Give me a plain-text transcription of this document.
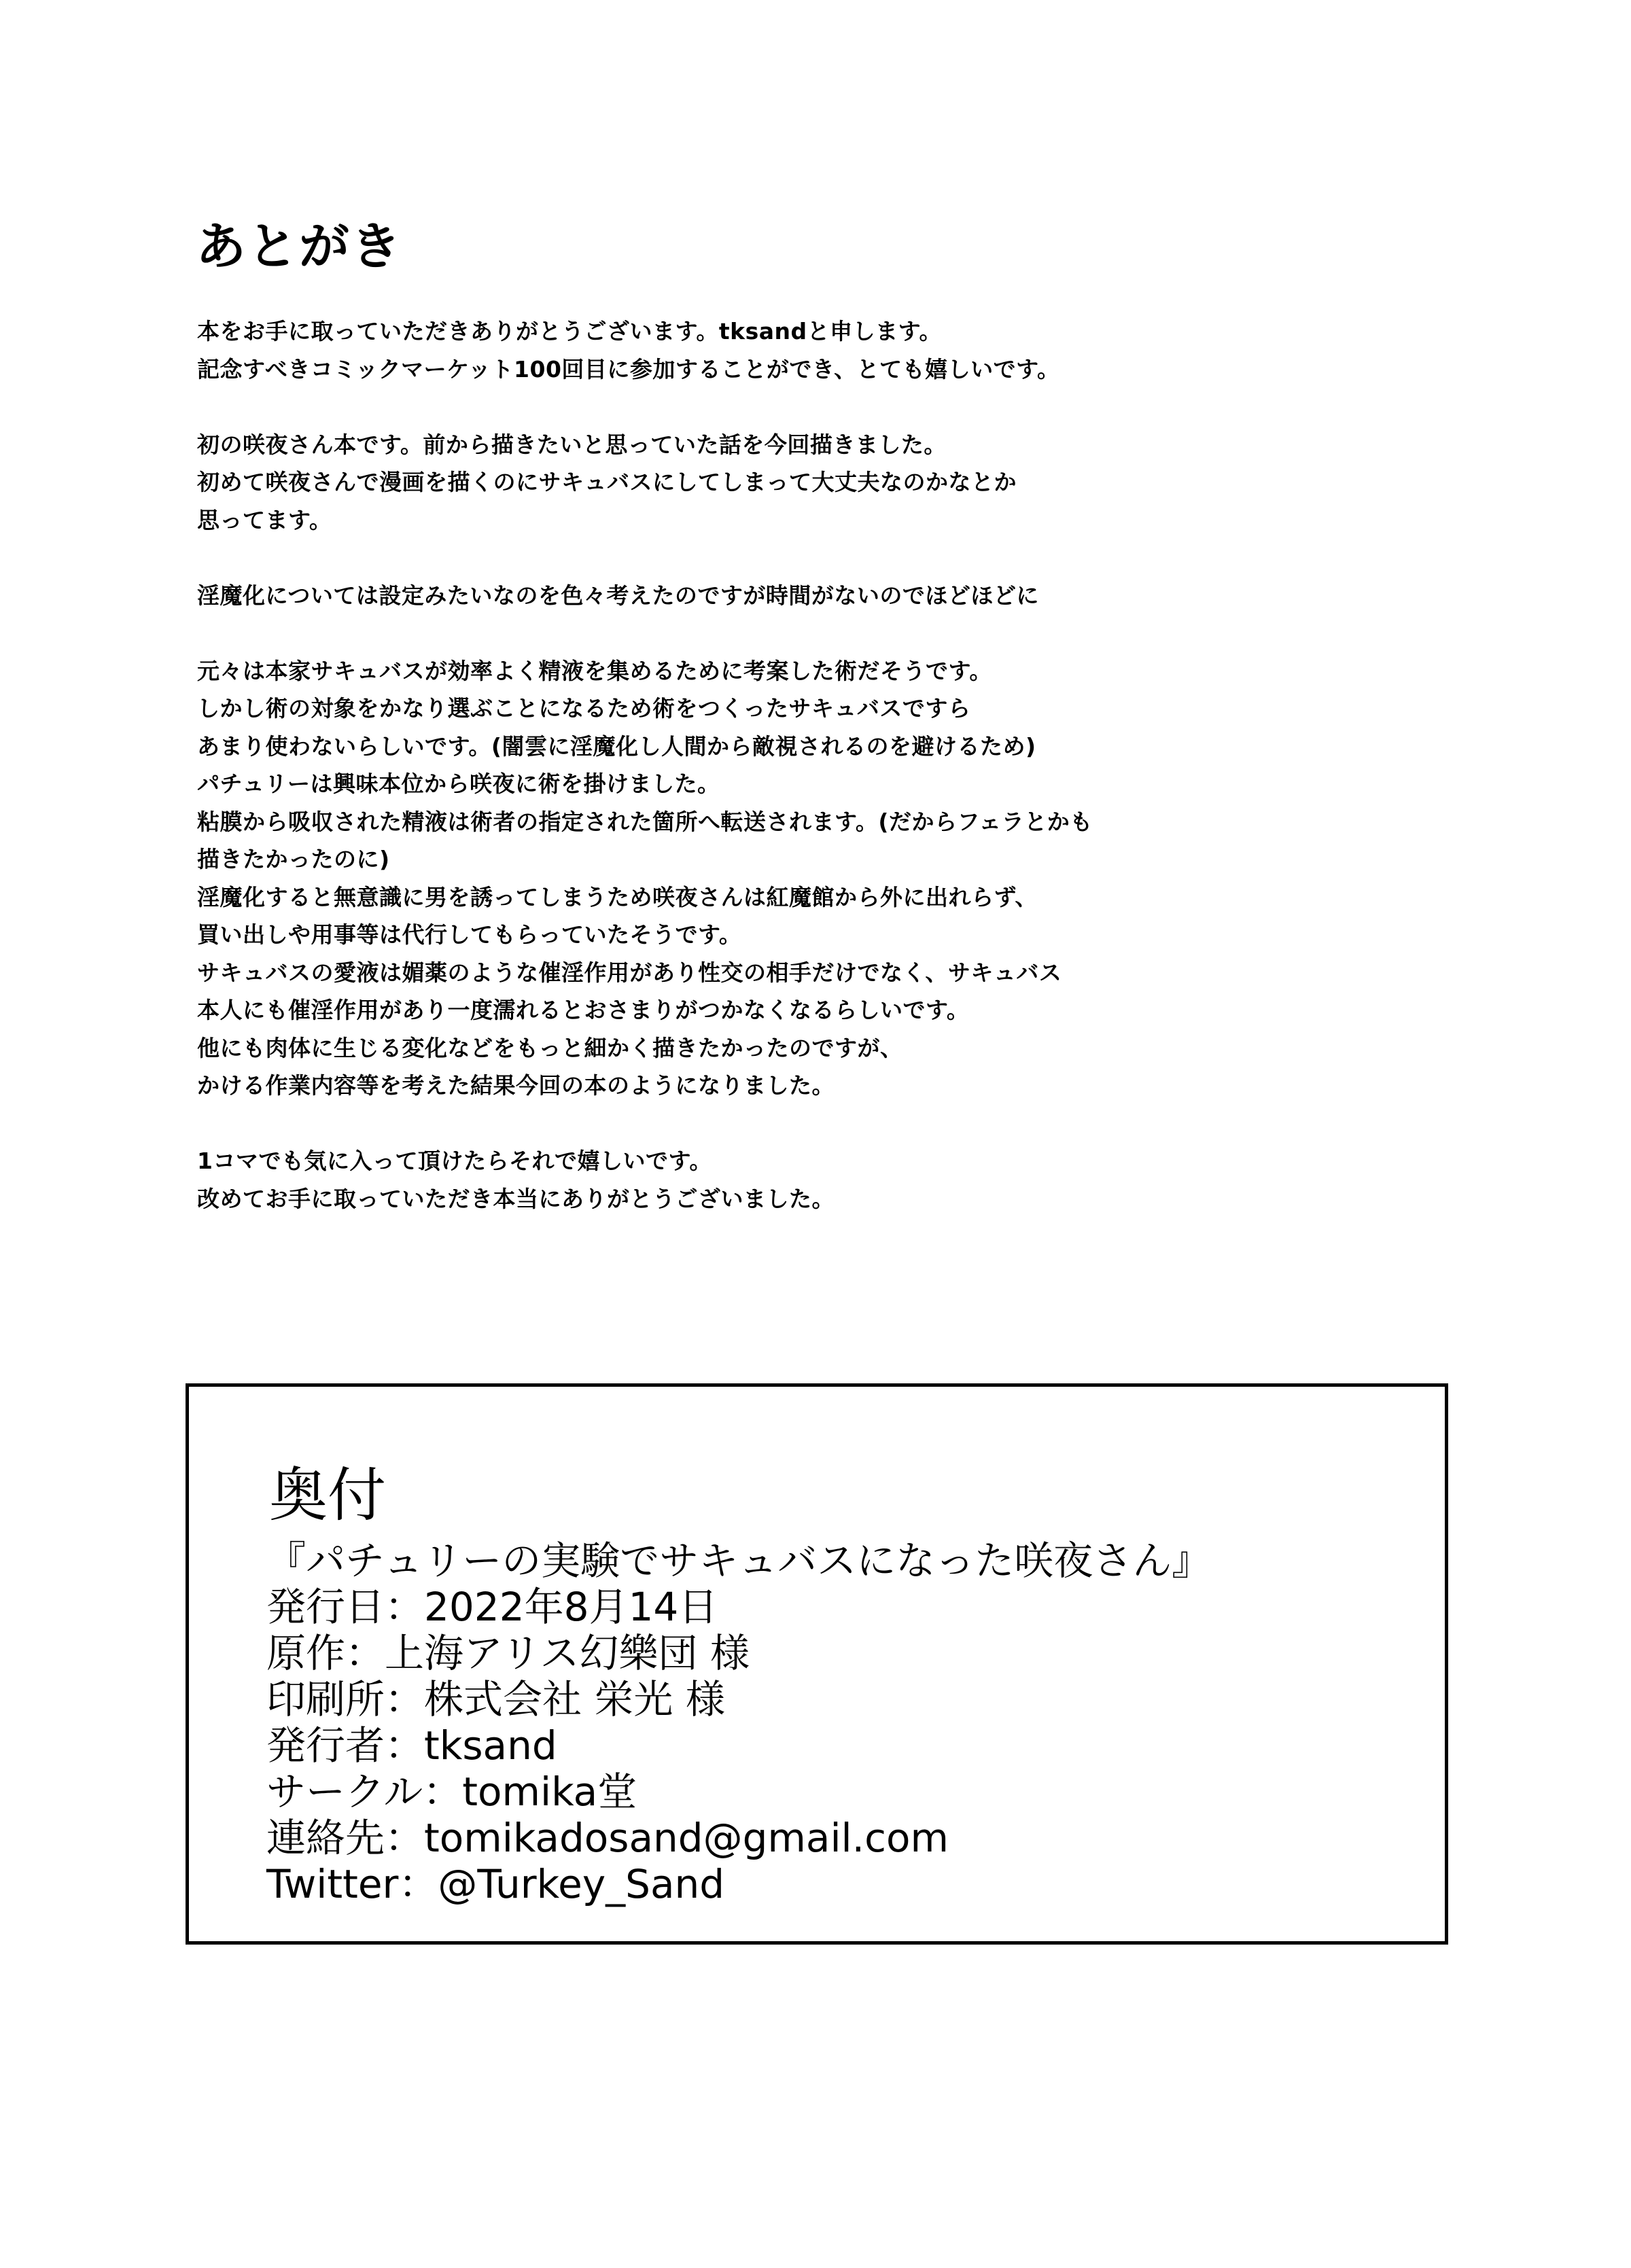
あとがき
本をお手に取っていただきありがとうございます。tksandと申します。
記念すべきコミックマーケット100回目に参加することができ、とても嬉しいです。
初の咲夜さん本です。前から描きたいと思っていた話を今回描きました。
初めて咲夜さんで漫画を描くのにサキュバスにしてしまって大丈夫なのかなとか
思ってます。
淫魔化については設定みたいなのを色々考えたのですが時間がないのでほどほどに
元々は本家サキュバスが効率よく精液を集めるために考案した術だそうです。
しかし術の対象をかなり選ぶことになるため術をつくったサキュバスですら
あまり使わないらしいです。(闇雲に淫魔化し人間から敵視されるのを避けるため)
パチュリーは興味本位から咲夜に術を掛けました。
粘膜から吸収された精液は術者の指定された箇所へ転送されます。(だからフェラとかも
描きたかったのに)
淫魔化すると無意識に男を誘ってしまうため咲夜さんは紅魔館から外に出れらず、
買い出しや用事等は代行してもらっていたそうです。
サキュバスの愛液は媚薬のような催淫作用があり性交の相手だけでなく、サキュバス
本人にも催淫作用があり一度濡れるとおさまりがつかなくなるらしいです。
他にも肉体に生じる変化などをもっと細かく描きたかったのですが、
かける作業内容等を考えた結果今回の本のようになりました。
1コマでも気に入って頂けたらそれで嬉しいです。
改めてお手に取っていただき本当にありがとうございました。
奥付
『パチュリーの実験でサキュバスになった咲夜さん』
発行日：2022年8月14日
原作：上海アリス幻樂団 様
印刷所：株式会社 栄光 様
発行者：tksand
サークル：tomika堂
連絡先：tomikadosand@gmail.com
Twitter：@Turkey_Sand
